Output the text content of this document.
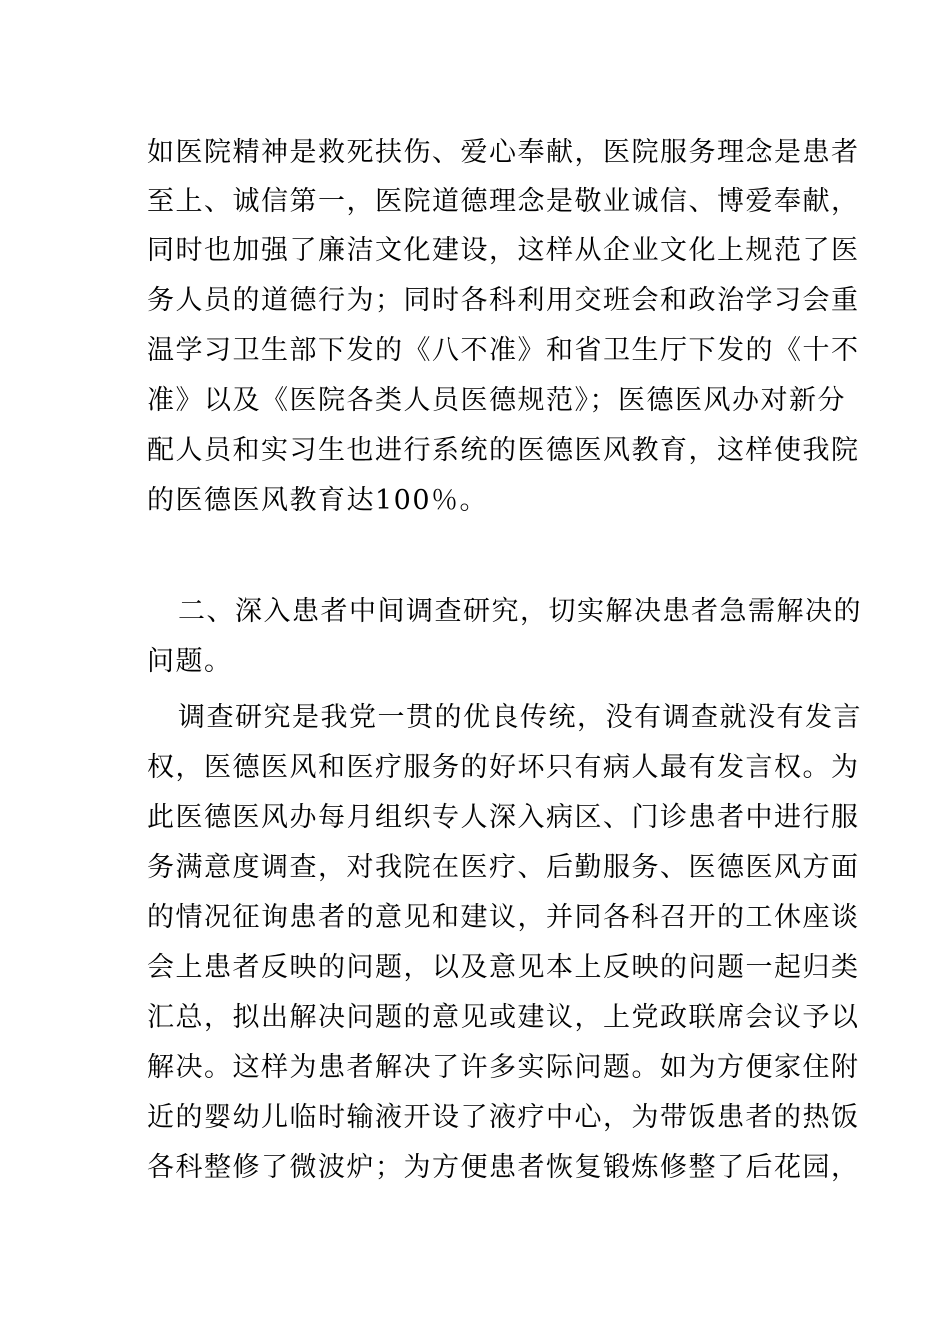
如医院精神是救死扶伤、爱心奉献，医院服务理念是患者
至上、诚信第一，医院道德理念是敬业诚信、博爱奉献，
同时也加强了廉洁文化建设，这样从企业文化上规范了医
务人员的道德行为；同时各科利用交班会和政治学习会重
温学习卫生部下发的《八不准》和省卫生厅下发的《十不
准》以及《医院各类人员医德规范》；医德医风办对新分
配人员和实习生也进行系统的医德医风教育，这样使我院
的医德医风教育达100％。
二、深入患者中间调查研究，切实解决患者急需解决的
问题。
调查研究是我党一贯的优良传统，没有调查就没有发言
权，医德医风和医疗服务的好坏只有病人最有发言权。为
此医德医风办每月组织专人深入病区、门诊患者中进行服
务满意度调查，对我院在医疗、后勤服务、医德医风方面
的情况征询患者的意见和建议，并同各科召开的工休座谈
会上患者反映的问题，以及意见本上反映的问题一起归类
汇总，拟出解决问题的意见或建议，上党政联席会议予以
解决。这样为患者解决了许多实际问题。如为方便家住附
近的婴幼儿临时输液开设了液疗中心，为带饭患者的热饭
各科整修了微波炉；为方便患者恢复锻炼修整了后花园，
